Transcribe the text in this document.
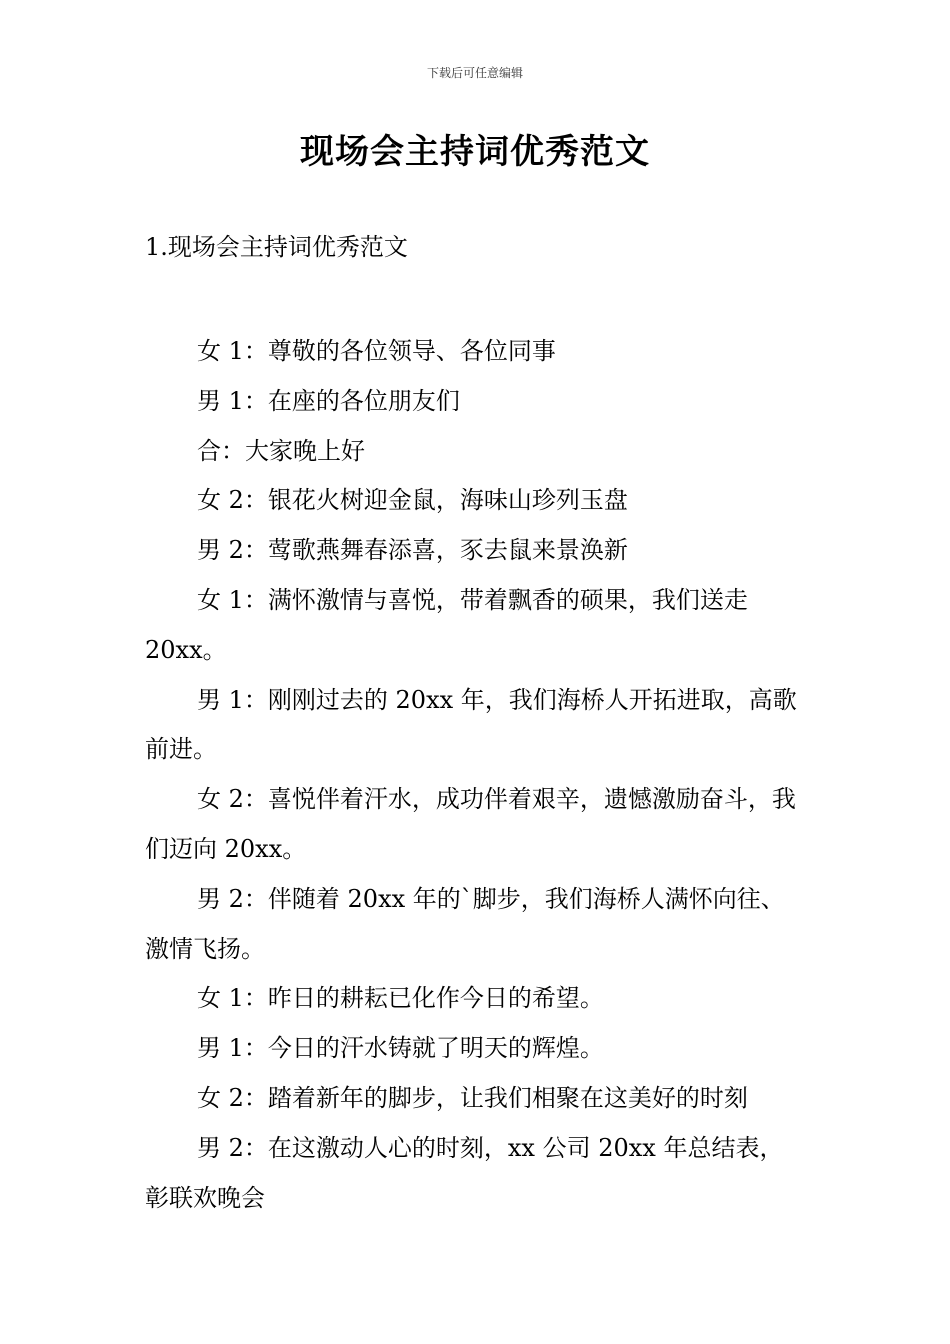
下载后可任意编辑
现场会主持词优秀范文
1.现场会主持词优秀范文

女 1：尊敬的各位领导、各位同事

男 1：在座的各位朋友们

合：大家晚上好

女 2：银花火树迎金鼠，海味山珍列玉盘

男 2：莺歌燕舞春添喜，豕去鼠来景涣新

女 1：满怀激情与喜悦，带着飘香的硕果，我们送走 20xx。

男 1：刚刚过去的 20xx 年，我们海桥人开拓进取，高歌前进。

女 2：喜悦伴着汗水，成功伴着艰辛，遗憾激励奋斗，我们迈向 20xx。

男 2：伴随着 20xx 年的`脚步，我们海桥人满怀向往、激情飞扬。

女 1：昨日的耕耘已化作今日的希望。

男 1：今日的汗水铸就了明天的辉煌。

女 2：踏着新年的脚步，让我们相聚在这美好的时刻

男 2：在这激动人心的时刻，xx 公司 20xx 年总结表，彰联欢晚会
